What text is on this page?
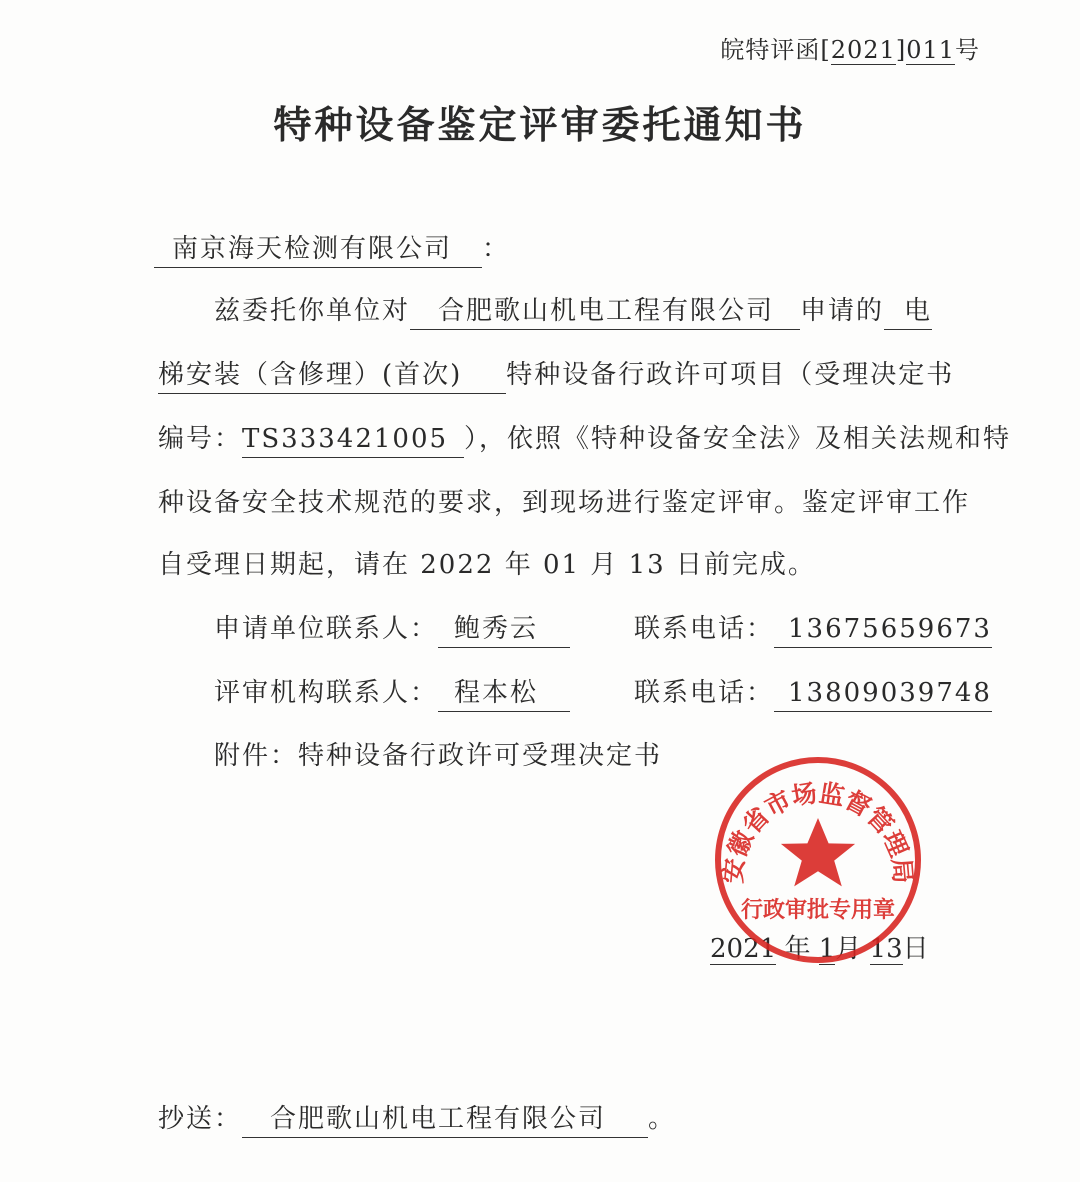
皖特评函[2021]011号
特种设备鉴定评审委托通知书
南京海天检测有限公司 ：
兹委托你单位对 合肥歌山机电工程有限公司 申请的 电
梯安装（含修理）(首次) 特种设备行政许可项目（受理决定书
编号：TS333421005 ），依照《特种设备安全法》及相关法规和特
种设备安全技术规范的要求，到现场进行鉴定评审。鉴定评审工作
自受理日期起，请在 2022 年 01 月 13 日前完成。
申请单位联系人： 鲍秀云	联系电话： 13675659673
评审机构联系人： 程本松	联系电话： 13809039748
附件：特种设备行政许可受理决定书
2021 年 1月 13日
安徽省市场监督管理局
行政审批专用章
抄送： 合肥歌山机电工程有限公司 。
